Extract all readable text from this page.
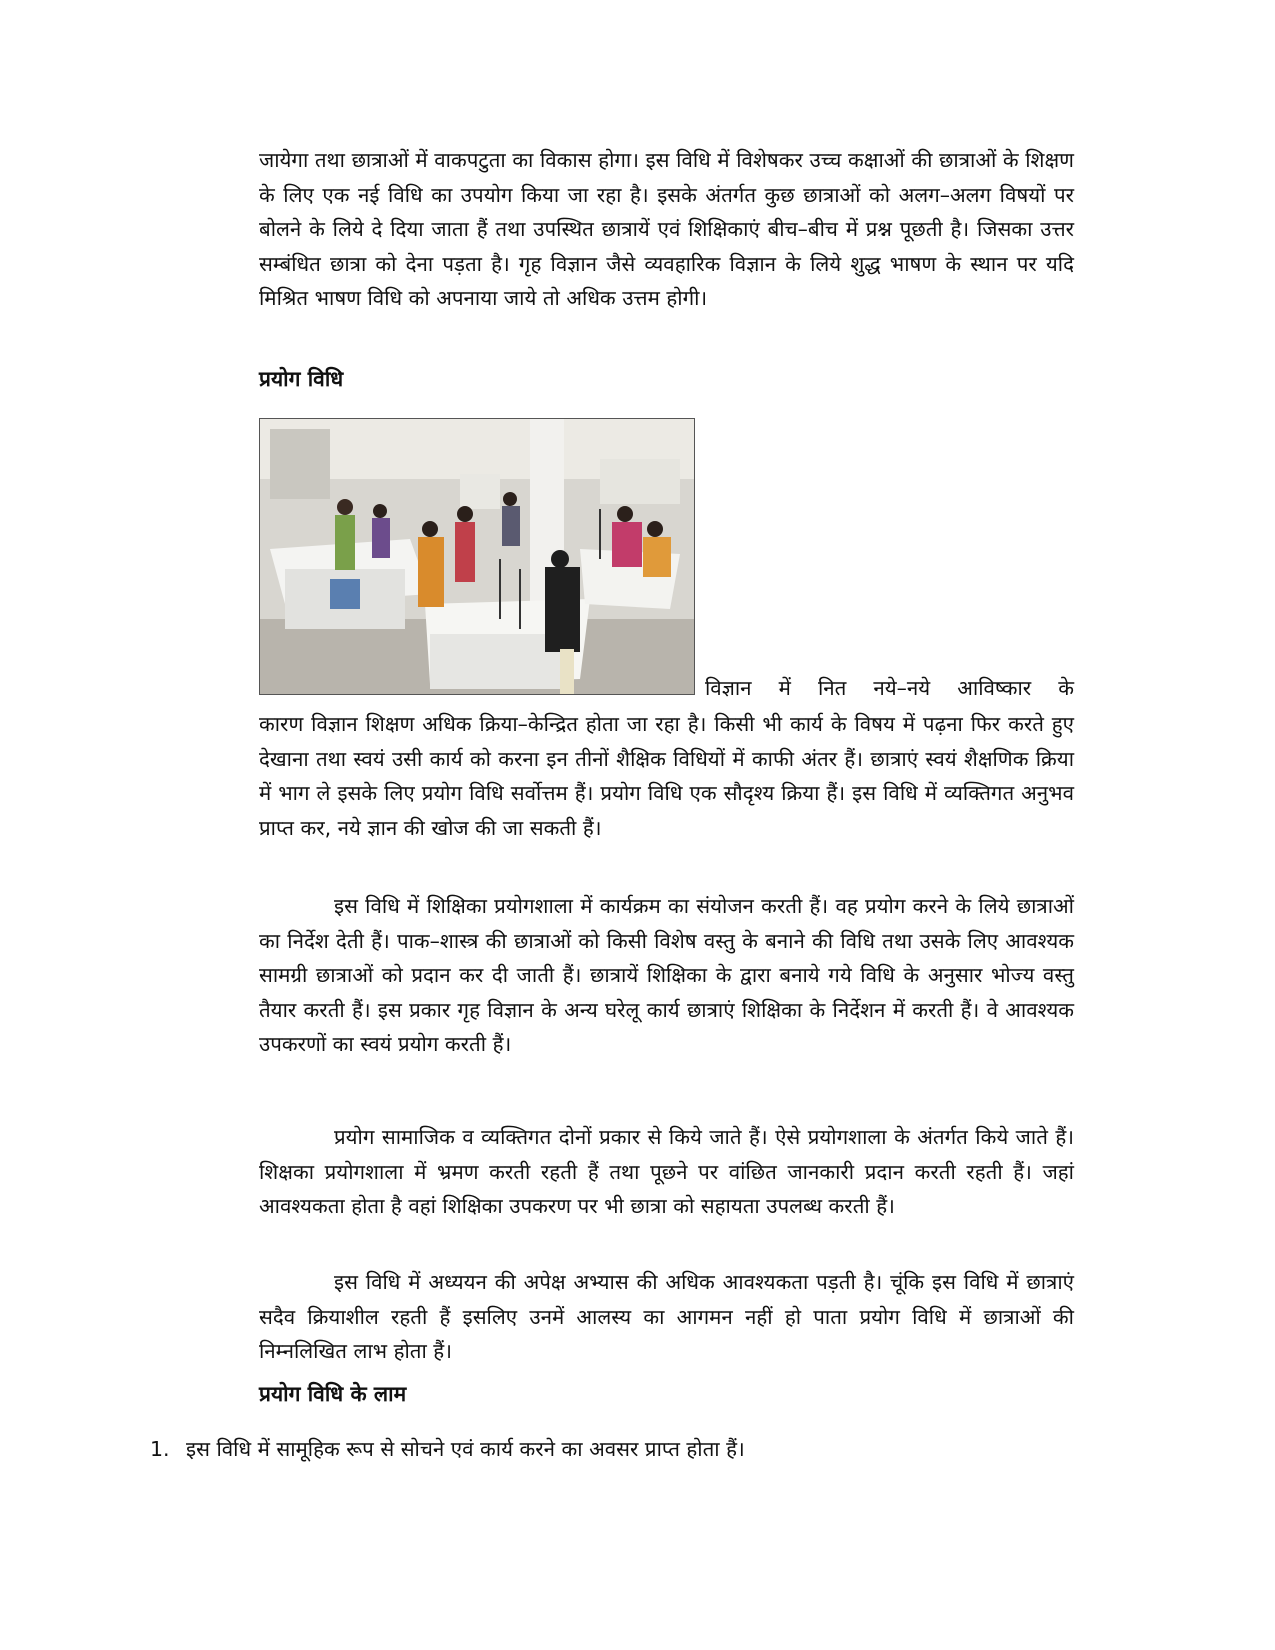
जायेगा तथा छात्राओं में वाकपटुता का विकास होगा। इस विधि में विशेषकर उच्च कक्षाओं की छात्राओं के शिक्षण के लिए एक नई विधि का उपयोग किया जा रहा है। इसके अंतर्गत कुछ छात्राओं को अलग–अलग विषयों पर बोलने के लिये दे दिया जाता हैं तथा उपस्थित छात्रायें एवं शिक्षिकाएं बीच–बीच में प्रश्न पूछती है। जिसका उत्तर सम्बंधित छात्रा को देना पड़ता है। गृह विज्ञान जैसे व्यवहारिक विज्ञान के लिये शुद्ध भाषण के स्थान पर यदि मिश्रित भाषण विधि को अपनाया जाये तो अधिक उत्तम होगी।

प्रयोग विधि

विज्ञान में नित नये–नये आविष्कार के

कारण विज्ञान शिक्षण अधिक क्रिया–केन्द्रित होता जा रहा है। किसी भी कार्य के विषय में पढ़ना फिर करते हुए देखाना तथा स्वयं उसी कार्य को करना इन तीनों शैक्षिक विधियों में काफी अंतर हैं। छात्राएं स्वयं शैक्षणिक क्रिया में भाग ले इसके लिए प्रयोग विधि सर्वोत्तम हैं। प्रयोग विधि एक सौदृश्य क्रिया हैं। इस विधि में व्यक्तिगत अनुभव प्राप्त कर, नये ज्ञान की खोज की जा सकती हैं।

इस विधि में शिक्षिका प्रयोगशाला में कार्यक्रम का संयोजन करती हैं। वह प्रयोग करने के लिये छात्राओं का निर्देश देती हैं। पाक–शास्त्र की छात्राओं को किसी विशेष वस्तु के बनाने की विधि तथा उसके लिए आवश्यक सामग्री छात्राओं को प्रदान कर दी जाती हैं। छात्रायें शिक्षिका के द्वारा बनाये गये विधि के अनुसार भोज्य वस्तु तैयार करती हैं। इस प्रकार गृह विज्ञान के अन्य घरेलू कार्य छात्राएं शिक्षिका के निर्देशन में करती हैं। वे आवश्यक उपकरणों का स्वयं प्रयोग करती हैं।

प्रयोग सामाजिक व व्यक्तिगत दोनों प्रकार से किये जाते हैं। ऐसे प्रयोगशाला के अंतर्गत किये जाते हैं। शिक्षका प्रयोगशाला में भ्रमण करती रहती हैं तथा पूछने पर वांछित जानकारी प्रदान करती रहती हैं। जहां आवश्यकता होता है वहां शिक्षिका उपकरण पर भी छात्रा को सहायता उपलब्ध करती हैं।

इस विधि में अध्ययन की अपेक्ष अभ्यास की अधिक आवश्यकता पड़ती है। चूंकि इस विधि में छात्राएं सदैव क्रियाशील रहती हैं इसलिए उनमें आलस्य का आगमन नहीं हो पाता प्रयोग विधि में छात्राओं की निम्नलिखित लाभ होता हैं।

प्रयोग विधि के लाम
1. इस विधि में सामूहिक रूप से सोचने एवं कार्य करने का अवसर प्राप्त होता हैं।
